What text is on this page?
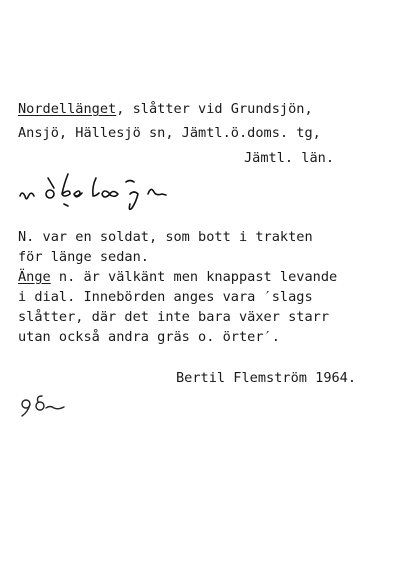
Nordellänget, slåtter vid Grundsjön,
Ansjö, Hällesjö sn, Jämtl.ö.doms. tg,
Jämtl. län.
N. var en soldat, som bott i trakten
för länge sedan.
Änge n. är välkänt men knappast levande
i dial. Innebörden anges vara ′slags
slåtter, där det inte bara växer starr
utan också andra gräs o. örter′.
Bertil Flemström 1964.
